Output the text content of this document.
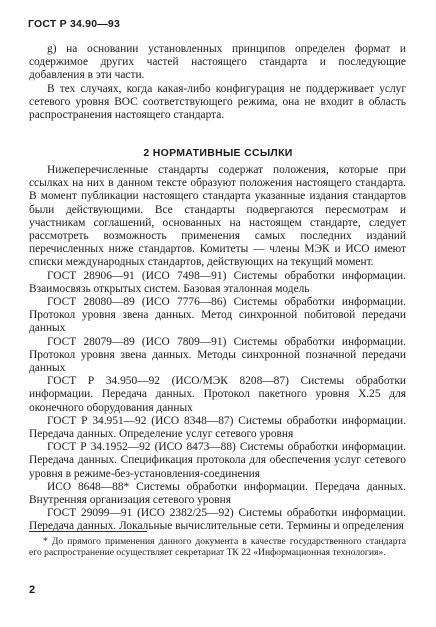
ГОСТ Р 34.90—93

g) на основании установленных принципов определен формат и содержимое других частей настоящего стандарта и последующие добавления в эти части.

В тех случаях, когда какая-либо конфигурация не поддерживает услуг сетевого уровня ВОС соответствующего режима, она не входит в область распространения настоящего стандарта.

2 НОРМАТИВНЫЕ ССЫЛКИ

Нижеперечисленные стандарты содержат положения, которые при ссылках на них в данном тексте образуют положения настоящего стандарта. В момент публикации настоящего стандарта указанные издания стандартов были действующими. Все стандарты подвергаются пересмотрам и участникам соглашений, основанных на настоящем стандарте, следует рассмотреть возможность применения самых последних изданий перечисленных ниже стандартов. Комитеты — члены МЭК и ИСО имеют списки международных стандартов, действующих на текущий момент.

ГОСТ 28906—91 (ИСО 7498—91) Системы обработки информации. Взаимосвязь открытых систем. Базовая эталонная модель

ГОСТ 28080—89 (ИСО 7776—86) Системы обработки информации. Протокол уровня звена данных. Метод синхронной побитовой передачи данных

ГОСТ 28079—89 (ИСО 7809—91) Системы обработки информации. Протокол уровня звена данных. Методы синхронной позначной передачи данных

ГОСТ Р 34.950—92 (ИСО/МЭК 8208—87) Системы обработки информации. Передача данных. Протокол пакетного уровня X.25 для оконечного оборудования данных

ГОСТ Р 34.951—92 (ИСО 8348—87) Системы обработки информации. Передача данных. Определение услуг сетевого уровня

ГОСТ Р 34.1952—92 (ИСО 8473—88) Системы обработки информации. Передача данных. Спецификация протокола для обеспечения услуг сетевого уровня в режиме-без-установления-соединения

ИСО 8648—88* Системы обработки информации. Передача данных. Внутренняя организация сетевого уровня

ГОСТ 29099—91 (ИСО 2382/25—92) Системы обработки информации. Передача данных. Локальные вычислительные сети. Термины и определения

* До прямого применения данного документа в качестве государственного стандарта его распространение осуществляет секретариат ТК 22 «Информационная технология».

2
